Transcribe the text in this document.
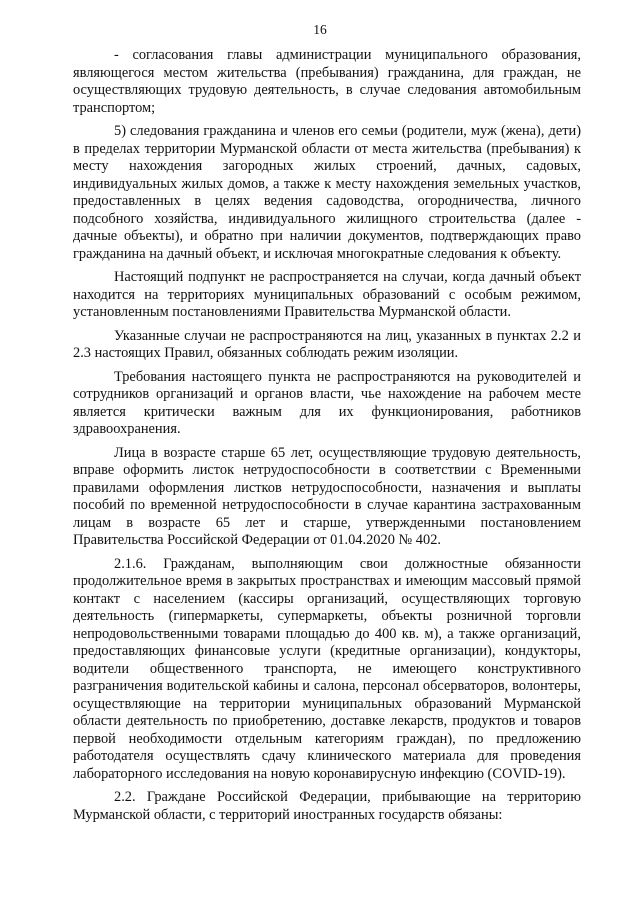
16

- согласования главы администрации муниципального образования, являющегося местом жительства (пребывания) гражданина, для граждан, не осуществляющих трудовую деятельность, в случае следования автомобильным транспортом;

5) следования гражданина и членов его семьи (родители, муж (жена), дети) в пределах территории Мурманской области от места жительства (пребывания) к месту нахождения загородных жилых строений, дачных, садовых, индивидуальных жилых домов, а также к месту нахождения земельных участков, предоставленных в целях ведения садоводства, огородничества, личного подсобного хозяйства, индивидуального жилищного строительства (далее - дачные объекты), и обратно при наличии документов, подтверждающих право гражданина на дачный объект, и исключая многократные следования к объекту.

Настоящий подпункт не распространяется на случаи, когда дачный объект находится на территориях муниципальных образований с особым режимом, установленным постановлениями Правительства Мурманской области.

Указанные случаи не распространяются на лиц, указанных в пунктах 2.2 и 2.3 настоящих Правил, обязанных соблюдать режим изоляции.

Требования настоящего пункта не распространяются на руководителей и сотрудников организаций и органов власти, чье нахождение на рабочем месте является критически важным для их функционирования, работников здравоохранения.

Лица в возрасте старше 65 лет, осуществляющие трудовую деятельность, вправе оформить листок нетрудоспособности в соответствии с Временными правилами оформления листков нетрудоспособности, назначения и выплаты пособий по временной нетрудоспособности в случае карантина застрахованным лицам в возрасте 65 лет и старше, утвержденными постановлением Правительства Российской Федерации от 01.04.2020 № 402.

2.1.6. Гражданам, выполняющим свои должностные обязанности продолжительное время в закрытых пространствах и имеющим массовый прямой контакт с населением (кассиры организаций, осуществляющих торговую деятельность (гипермаркеты, супермаркеты, объекты розничной торговли непродовольственными товарами площадью до 400 кв. м), а также организаций, предоставляющих финансовые услуги (кредитные организации), кондукторы, водители общественного транспорта, не имеющего конструктивного разграничения водительской кабины и салона, персонал обсерваторов, волонтеры, осуществляющие на территории муниципальных образований Мурманской области деятельность по приобретению, доставке лекарств, продуктов и товаров первой необходимости отдельным категориям граждан), по предложению работодателя осуществлять сдачу клинического материала для проведения лабораторного исследования на новую коронавирусную инфекцию (COVID-19).

2.2. Граждане Российской Федерации, прибывающие на территорию Мурманской области, с территорий иностранных государств обязаны:
